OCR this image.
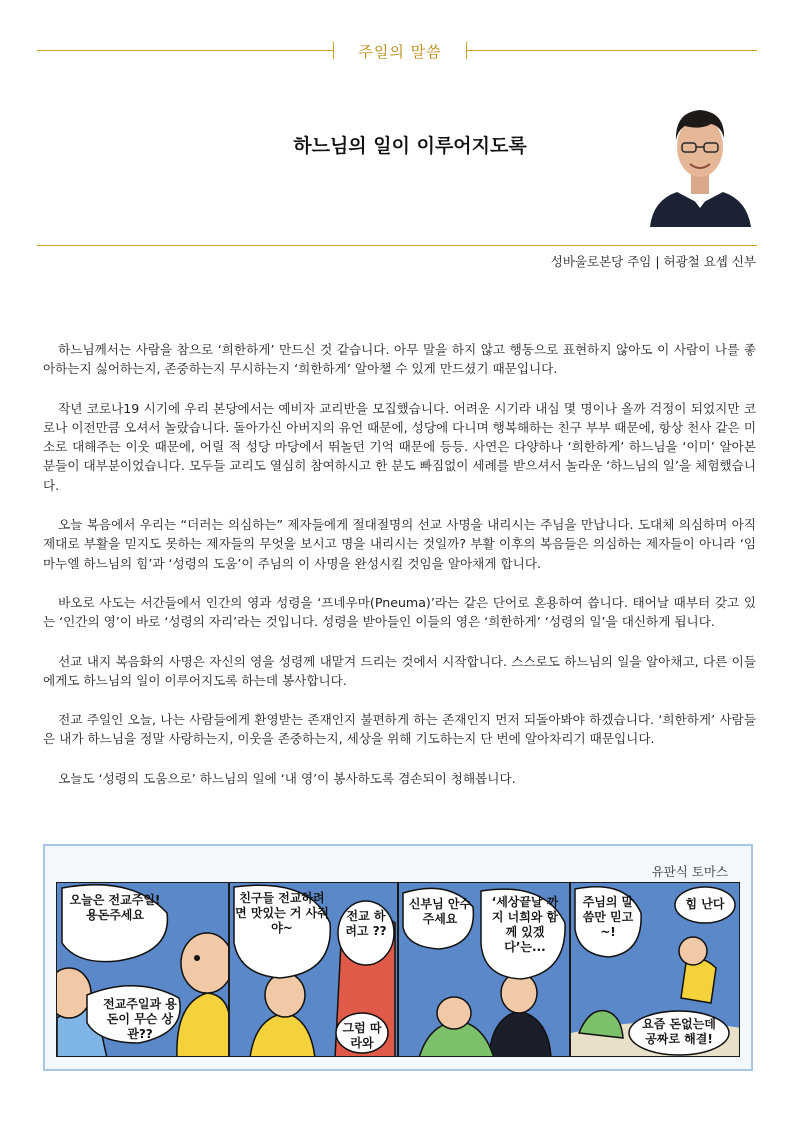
주일의 말씀
하느님의 일이 이루어지도록
성바울로본당 주임 | 허광철 요셉 신부

하느님께서는 사람을 참으로 ‘희한하게’ 만드신 것 같습니다. 아무 말을 하지 않고 행동으로 표현하지 않아도 이 사람이 나를 좋아하는지 싫어하는지, 존중하는지 무시하는지 ‘희한하게’ 알아챌 수 있게 만드셨기 때문입니다.

작년 코로나19 시기에 우리 본당에서는 예비자 교리반을 모집했습니다. 어려운 시기라 내심 몇 명이나 올까 걱정이 되었지만 코로나 이전만큼 오셔서 놀랐습니다. 돌아가신 아버지의 유언 때문에, 성당에 다니며 행복해하는 친구 부부 때문에, 항상 천사 같은 미소로 대해주는 이웃 때문에, 어릴 적 성당 마당에서 뛰놀던 기억 때문에 등등. 사연은 다양하나 ‘희한하게’ 하느님을 ‘이미’ 알아본 분들이 대부분이었습니다. 모두들 교리도 열심히 참여하시고 한 분도 빠짐없이 세례를 받으셔서 놀라운 ‘하느님의 일’을 체험했습니다.

오늘 복음에서 우리는 “더러는 의심하는” 제자들에게 절대절명의 선교 사명을 내리시는 주님을 만납니다. 도대체 의심하며 아직 제대로 부활을 믿지도 못하는 제자들의 무엇을 보시고 명을 내리시는 것일까? 부활 이후의 복음들은 의심하는 제자들이 아니라 ‘임마누엘 하느님의 힘’과 ‘성령의 도움’이 주님의 이 사명을 완성시킬 것임을 알아채게 합니다.

바오로 사도는 서간들에서 인간의 영과 성령을 ‘프네우마(Pneuma)’라는 같은 단어로 혼용하여 씁니다. 태어날 때부터 갖고 있는 ‘인간의 영’이 바로 ‘성령의 자리’라는 것입니다. 성령을 받아들인 이들의 영은 ‘희한하게’ ‘성령의 일’을 대신하게 됩니다.

선교 내지 복음화의 사명은 자신의 영을 성령께 내맡겨 드리는 것에서 시작합니다. 스스로도 하느님의 일을 알아채고, 다른 이들에게도 하느님의 일이 이루어지도록 하는데 봉사합니다.

전교 주일인 오늘, 나는 사람들에게 환영받는 존재인지 불편하게 하는 존재인지 먼저 되돌아봐야 하겠습니다. ‘희한하게’ 사람들은 내가 하느님을 정말 사랑하는지, 이웃을 존중하는지, 세상을 위해 기도하는지 단 번에 알아차리기 때문입니다.

오늘도 ‘성령의 도움으로’ 하느님의 일에 ‘내 영’이 봉사하도록 겸손되이 청해봅니다.

유판식 토마스
오늘은 전교주일! 용돈주세요
전교주일과 용돈이 무슨 상관??
친구들 전교하려면 맛있는 거 사줘야~
전교 하려고 ??
그럼 따라와
신부님 안수주세요
‘세상끝날 까지 너희와 함께 있겠다’는...
주님의 말씀만 믿고~!
힘 난다
요즘 돈없는데 공짜로 해결!
